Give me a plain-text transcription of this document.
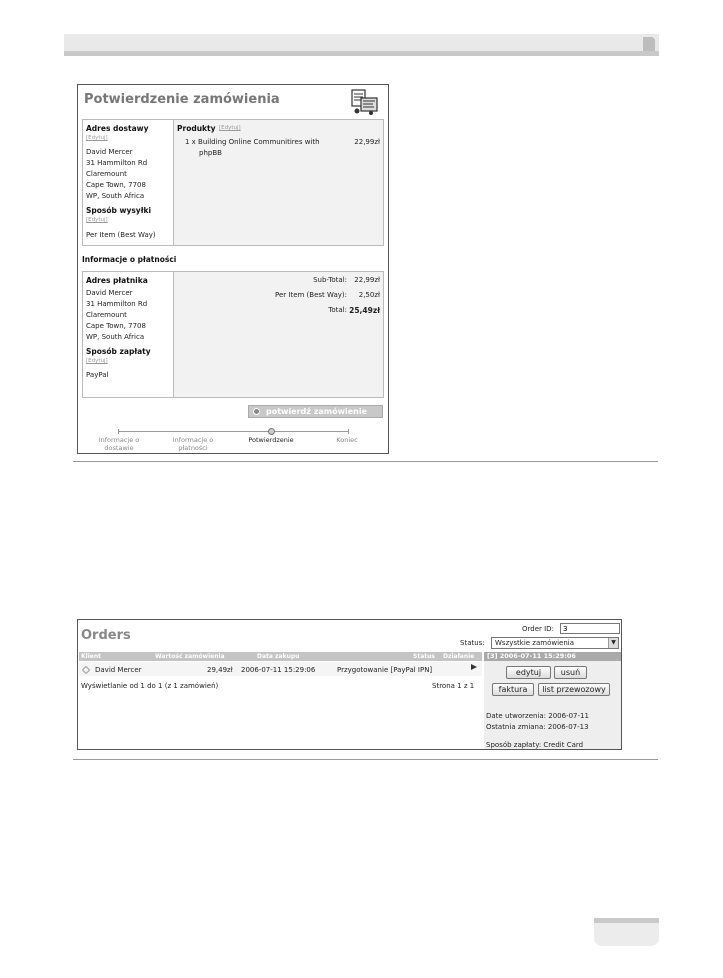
Potwierdzenie zamówienia
Adres dostawy
[Edytuj]
David Mercer
31 Hammilton Rd
Claremount
Cape Town, 7708
WP, South Africa
Sposób wysyłki
[Edytuj]
Per Item (Best Way)
Produkty [Edytuj]
1 x Building Online Communitires with
phpBB
22,99zł
Informacje o płatności
Adres płatnika
David Mercer
31 Hammilton Rd
Claremount
Cape Town, 7708
WP, South Africa
Sposób zapłaty
[Edytuj]
PayPal
Sub-Total: 22,99zł
Per Item (Best Way): 2,50zł
Total: 25,49zł
potwierdź zamówienie
Informacje o
dostawie
Informacje o
płatności
Potwierdzenie	Koniec
Orders	Order ID:
3
Status:	Wszystkie zamówienia	▼
Klient	Wartość zamówienia	Data zakupu	Status Działanie	[3] 2006-07-11 15:29:06
David Mercer	29,49zł 2006-07-11 15:29:06	Przygotowanie [PayPal IPN]
Wyświetlanie od 1 do 1 (z 1 zamówień)	Strona 1 z 1
edytuj	usuń
faktura	list przewozowy
Date utworzenia: 2006-07-11
Ostatnia zmiana: 2006-07-13
Sposób zapłaty: Credit Card
